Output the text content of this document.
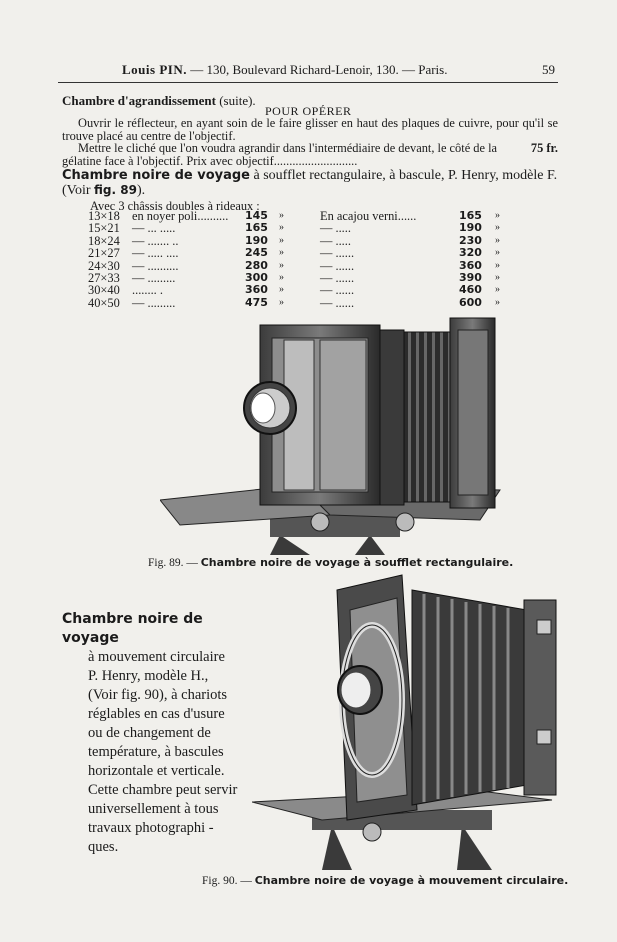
Louis PIN. — 130, Boulevard Richard-Lenoir, 130. — Paris.	59
Chambre d'agrandissement (suite).
POUR OPÉRER
Ouvrir le réflecteur, en ayant soin de le faire glisser en haut des plaques de cuivre, pour qu'il se trouve placé au centre de l'objectif.
75 fr.
Mettre le cliché que l'on voudra agrandir dans l'intermédiaire de devant, le côté de la gélatine face à l'objectif. Prix avec objectif...........................
Chambre noire de voyage à soufflet rectangulaire, à bascule, P. Henry, modèle F. (Voir fig. 89).
Avec 3 châssis doubles à rideaux :
13×18	en noyer poli..........	145	»	En acajou verni......	165	»
15×21	— ... .....	165	»	— .....	190	»
18×24	— ....... ..	190	»	— .....	230	»
21×27	— ..... ....	245	»	— ......	320	»
24×30	— ..........	280	»	— ......	360	»
27×33	— .........	300	»	— ......	390	»
30×40	........ .	360	»	— ......	460	»
40×50	— .........	475	»	— ......	600	»
Fig. 89. — Chambre noire de voyage à soufflet rectangulaire.
Chambre noire de voyage
à mouvement circulaire
P. Henry, modèle H.,
(Voir fig. 90), à chariots
réglables en cas d'usure
ou de changement de
température, à bascules
horizontale et verticale.
Cette chambre peut servir
universellement à tous
travaux photographi -
ques.
Fig. 90. — Chambre noire de voyage à mouvement circulaire.
